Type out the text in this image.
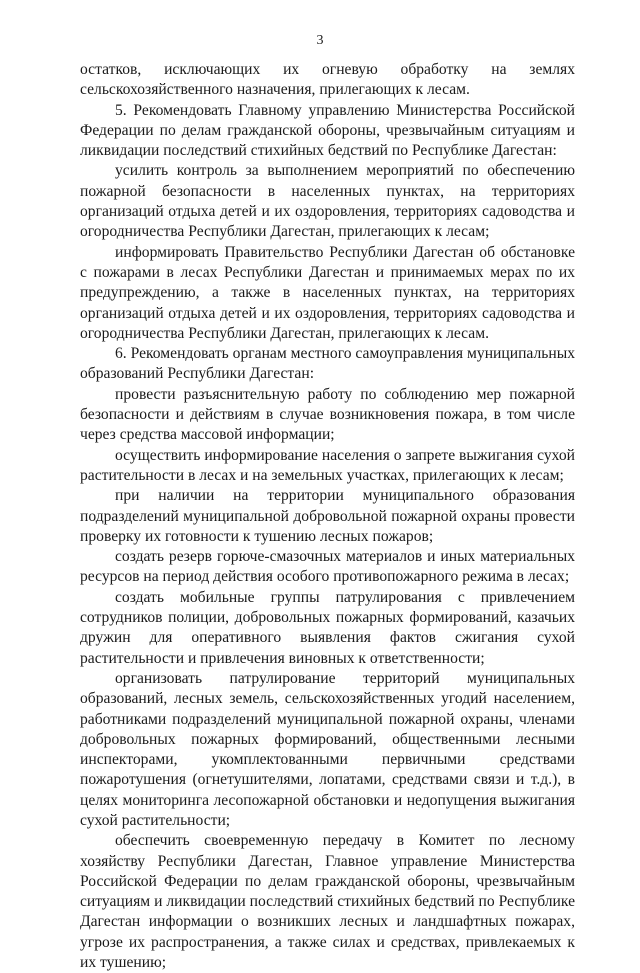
3

остатков, исключающих их огневую обработку на землях сельскохозяйственного назначения, прилегающих к лесам.

5. Рекомендовать Главному управлению Министерства Российской Федерации по делам гражданской обороны, чрезвычайным ситуациям и ликвидации последствий стихийных бедствий по Республике Дагестан:

усилить контроль за выполнением мероприятий по обеспечению пожарной безопасности в населенных пунктах, на территориях организаций отдыха детей и их оздоровления, территориях садоводства и огородничества Республики Дагестан, прилегающих к лесам;

информировать Правительство Республики Дагестан об обстановке с пожарами в лесах Республики Дагестан и принимаемых мерах по их предупреждению, а также в населенных пунктах, на территориях организаций отдыха детей и их оздоровления, территориях садоводства и огородничества Республики Дагестан, прилегающих к лесам.

6. Рекомендовать органам местного самоуправления муниципальных образований Республики Дагестан:

провести разъяснительную работу по соблюдению мер пожарной безопасности и действиям в случае возникновения пожара, в том числе через средства массовой информации;

осуществить информирование населения о запрете выжигания сухой растительности в лесах и на земельных участках, прилегающих к лесам;

при наличии на территории муниципального образования подразделений муниципальной добровольной пожарной охраны провести проверку их готовности к тушению лесных пожаров;

создать резерв горюче-смазочных материалов и иных материальных ресурсов на период действия особого противопожарного режима в лесах;

создать мобильные группы патрулирования с привлечением сотрудников полиции, добровольных пожарных формирований, казачьих дружин для оперативного выявления фактов сжигания сухой растительности и привлечения виновных к ответственности;

организовать патрулирование территорий муниципальных образований, лесных земель, сельскохозяйственных угодий населением, работниками подразделений муниципальной пожарной охраны, членами добровольных пожарных формирований, общественными лесными инспекторами, укомплектованными первичными средствами пожаротушения (огнетушителями, лопатами, средствами связи и т.д.), в целях мониторинга лесопожарной обстановки и недопущения выжигания сухой растительности;

обеспечить своевременную передачу в Комитет по лесному хозяйству Республики Дагестан, Главное управление Министерства Российской Федерации по делам гражданской обороны, чрезвычайным ситуациям и ликвидации последствий стихийных бедствий по Республике Дагестан информации о возникших лесных и ландшафтных пожарах, угрозе их распространения, а также силах и средствах, привлекаемых к их тушению;
